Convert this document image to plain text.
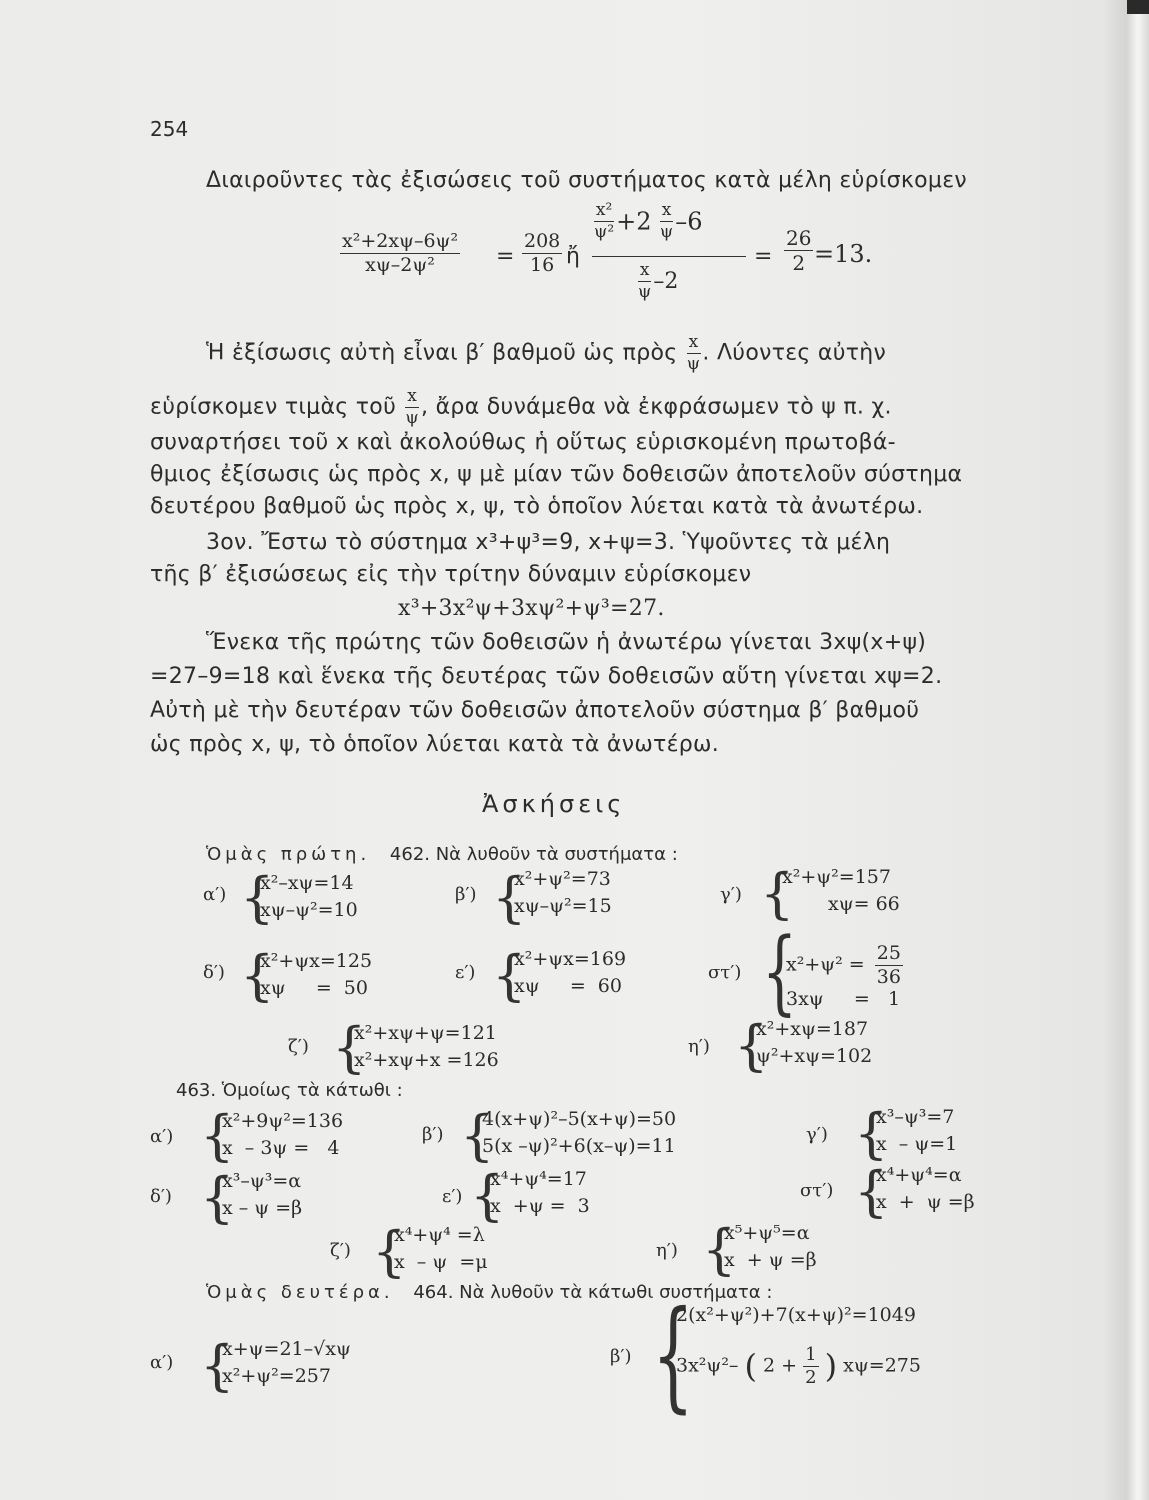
254
Διαιροῦντες τὰς ἐξισώσεις τοῦ συστήματος κατὰ μέλη εὑρίσκομεν
$\frac{\text{x²+2xψ–6ψ²}}{\text{xψ–2ψ²}} = \frac{208}{16}$ ἤ
$\frac{\text{x²}}{\text{ψ²}} +2 \frac{x}{\psi} -6$
$\frac{x}{\psi} -2$
= $\frac{26}{2} =13$.
Ἡ ἐξίσωσις αὐτὴ εἶναι β′ βαθμοῦ ὡς πρὸς $\frac{x}{\psi}$ . Λύοντες αὐτὴν
εὑρίσκομεν τιμὰς τοῦ $\frac{x}{\psi}$ , ἄρα δυνάμεθα νὰ ἐκφράσωμεν τὸ ψ π. χ.
συναρτήσει τοῦ x καὶ ἀκολούθως ἡ οὕτως εὑρισκομένη πρωτοβά-
θμιος ἐξίσωσις ὡς πρὸς x, ψ μὲ μίαν τῶν δοθεισῶν ἀποτελοῦν σύστημα
δευτέρου βαθμοῦ ὡς πρὸς x, ψ, τὸ ὁποῖον λύεται κατὰ τὰ ἀνωτέρω.
3ον. Ἔστω τὸ σύστημα x³+ψ³=9, x+ψ=3. Ὑψοῦντες τὰ μέλη
τῆς β′ ἐξισώσεως εἰς τὴν τρίτην δύναμιν εὑρίσκομεν
x³+3x²ψ+3xψ²+ψ³=27.
Ἕνεκα τῆς πρώτης τῶν δοθεισῶν ἡ ἀνωτέρω γίνεται 3xψ(x+ψ)
=27–9=18 καὶ ἕνεκα τῆς δευτέρας τῶν δοθεισῶν αὕτη γίνεται xψ=2.
Αὐτὴ μὲ τὴν δευτέραν τῶν δοθεισῶν ἀποτελοῦν σύστημα β′ βαθμοῦ
ὡς πρὸς x, ψ, τὸ ὁποῖον λύεται κατὰ τὰ ἀνωτέρω.
Ἀσκήσεις
Ὁμὰς πρώτη. 462. Νὰ λυθοῦν τὰ συστήματα :
α′) {
x²–xψ=14
xψ–ψ²=10
β′) {
x²+ψ²=73
xψ–ψ²=15
γ′) {
x²+ψ²=157
xψ= 66
δ′) {
x²+ψx=125
xψ     =  50
ε′) {
x²+ψx=169
xψ     =  60
στ′) {
$x^2+\psi^2 = \frac{25}{36}$
3xψ     =   1
ζ′) {
x²+xψ+ψ=121
x²+xψ+x =126
η′) {
x²+xψ=187
ψ²+xψ=102
463. Ὁμοίως τὰ κάτωθι :
α′) {
x²+9ψ²=136
x  – 3ψ =   4
β′) {
4(x+ψ)²–5(x+ψ)=50
5(x –ψ)²+6(x–ψ)=11
γ′) {
x³–ψ³=7
x  – ψ=1
δ′) {
x³–ψ³=α
x – ψ =β
ε′) {
x⁴+ψ⁴=17
x  +ψ =  3
στ′) {
x⁴+ψ⁴=α
x  +  ψ =β
ζ′) {
x⁴+ψ⁴ =λ
x  – ψ  =μ
η′) {
x⁵+ψ⁵=α
x  + ψ =β
Ὁμὰς δευτέρα. 464. Νὰ λυθοῦν τὰ κάτωθι συστήματα :
α′) {
x+ψ=21–√xψ
x²+ψ²=257
β′) {
2(x²+ψ²)+7(x+ψ)²=1049
3x²ψ²– ( $2 + \frac{1}{2}$ ) xψ=275
